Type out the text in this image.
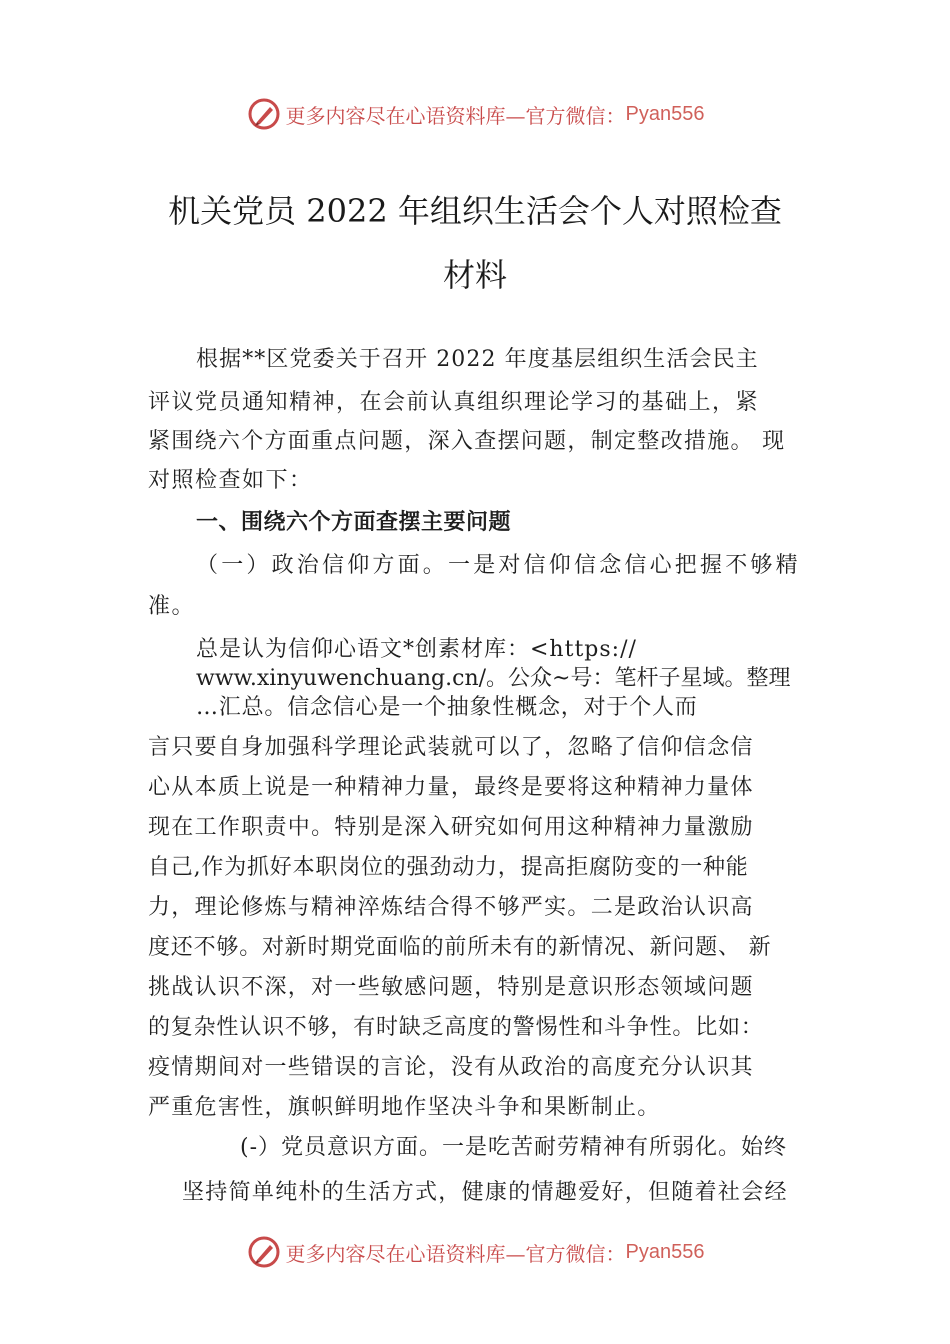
更多内容尽在心语资料库—官方微信： Pyan556
机关党员 2022 年组织生活会个人对照检查
材料
根据**区党委关于召开 2022 年度基层组织生活会民主
评议党员通知精神，在会前认真组织理论学习的基础上，紧
紧围绕六个方面重点问题，深入查摆问题，制定整改措施。 现
对照检查如下：
一、围绕六个方面查摆主要问题
（一）政治信仰方面。一是对信仰信念信心把握不够精
准。
总是认为信仰心语文*创素材库：<https://
www.xinyuwenchuang.cn/。公众~号：笔杆子星域。整理
…汇总。信念信心是一个抽象性概念，对于个人而
言只要自身加强科学理论武装就可以了，忽略了信仰信念信
心从本质上说是一种精神力量，最终是要将这种精神力量体
现在工作职责中。特别是深入研究如何用这种精神力量激励
自己,作为抓好本职岗位的强劲动力，提高拒腐防变的一种能
力，理论修炼与精神淬炼结合得不够严实。二是政治认识高
度还不够。对新时期党面临的前所未有的新情况、新问题、 新
挑战认识不深，对一些敏感问题，特别是意识形态领域问题
的复杂性认识不够，有时缺乏高度的警惕性和斗争性。比如：
疫情期间对一些错误的言论，没有从政治的高度充分认识其
严重危害性，旗帜鲜明地作坚决斗争和果断制止。
(-）党员意识方面。一是吃苦耐劳精神有所弱化。始终
坚持简单纯朴的生活方式，健康的情趣爱好，但随着社会经
更多内容尽在心语资料库—官方微信： Pyan556
